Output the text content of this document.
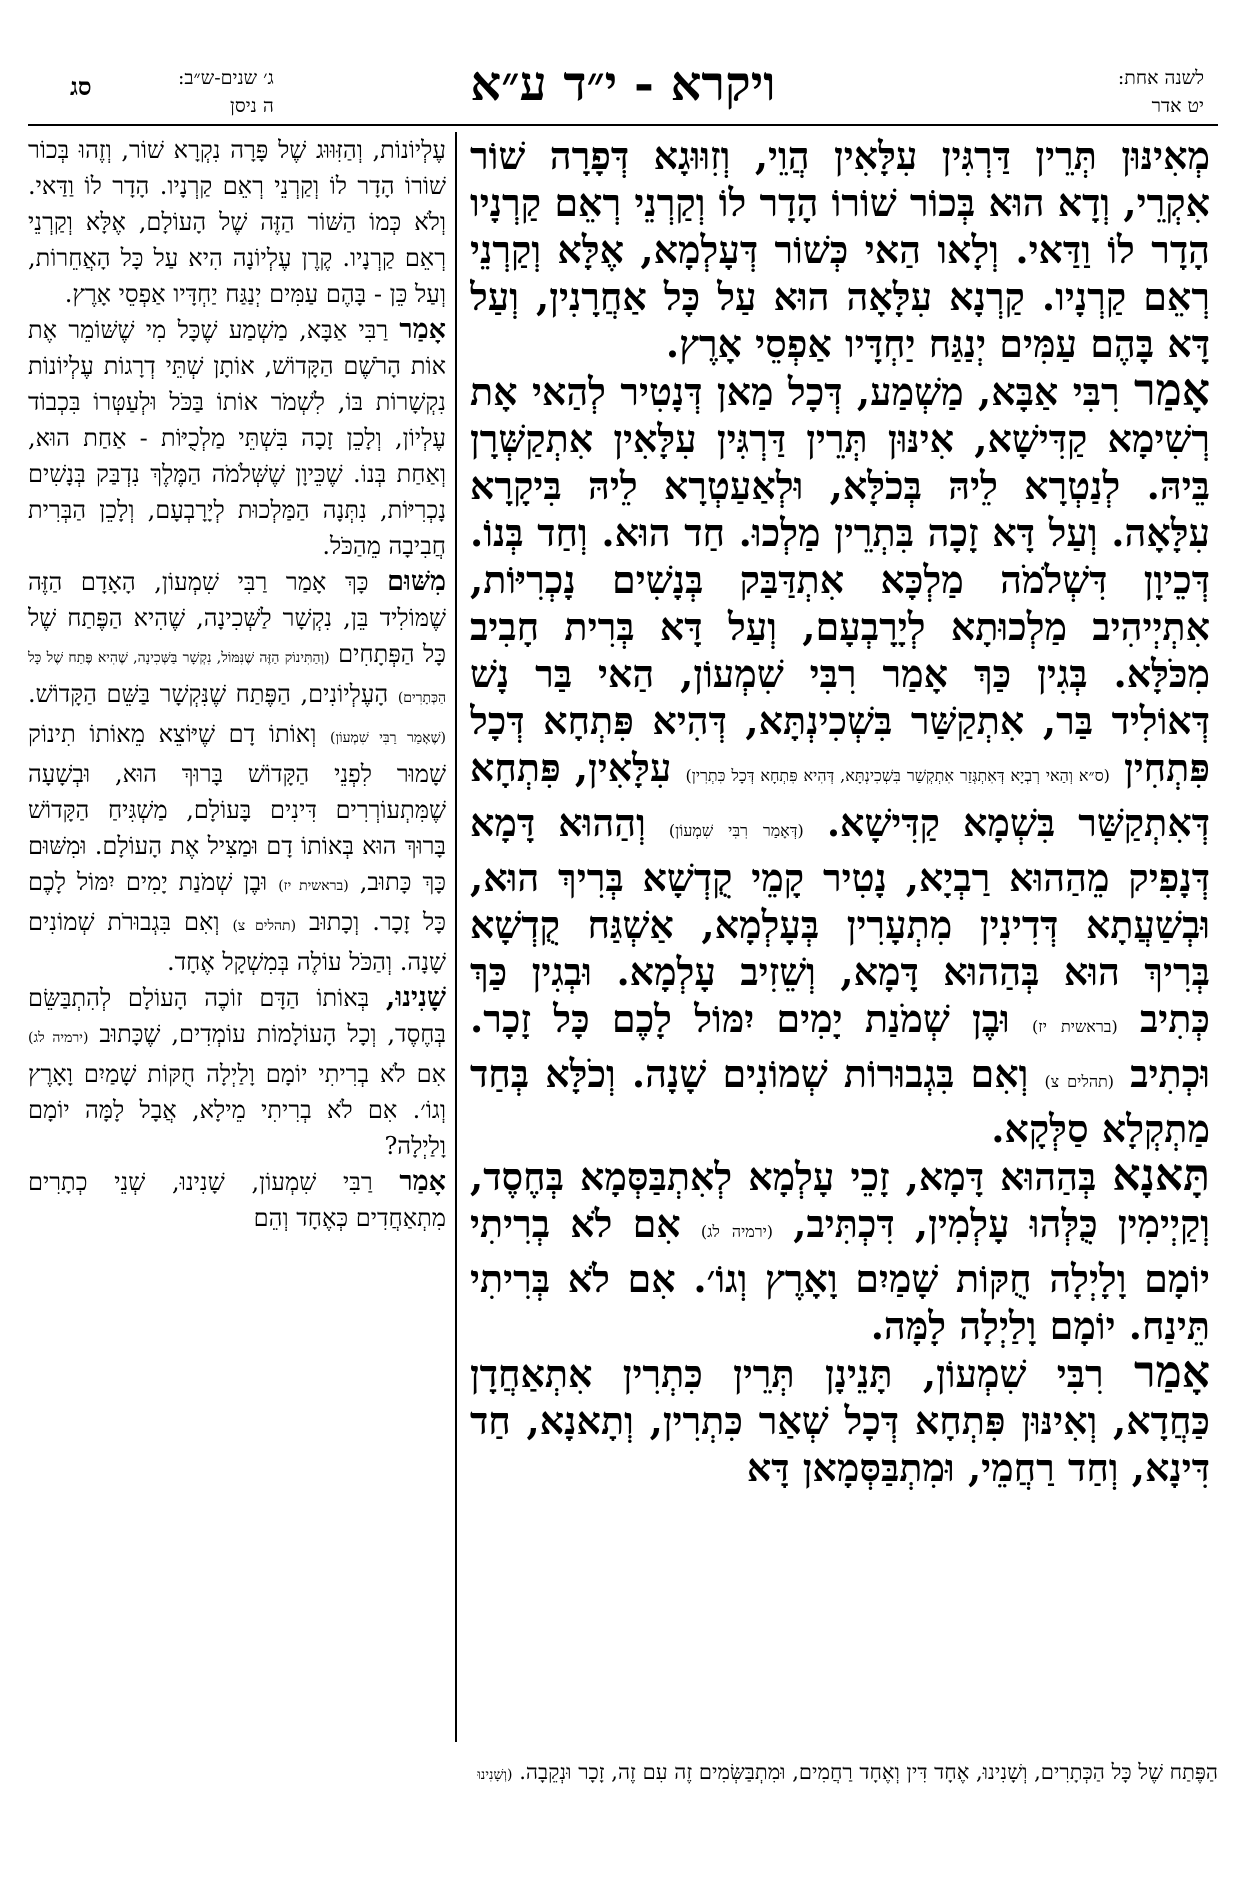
לשנה אחת:
יט אדר
ויקרא - י״ד ע״א
ג׳ שנים-ש״ב:
ה ניסן
סג

מְאִינּוּן תְּרֵין דַּרְגִּין עִלָּאִין הֲוֵי, וְזִוּוּגָא דְּפָרָה שׁוֹר אִקְרֵי, וְדָא הוּא בְּכוֹר שׁוֹרוֹ הָדָר לוֹ וְקַרְנֵי רְאֵם קַרְנָיו הָדָר לוֹ וַדַּאי. וְלָאו הַאי כְּשׁוֹר דְּעָלְמָא, אֶלָּא וְקַרְנֵי רְאֵם קַרְנָיו. קַרְנָא עִלָּאָה הוּא עַל כָּל אַחֲרָנִין, וְעַל דָּא בָּהֶם עַמִּים יְנַגַּח יַחְדָּיו אַפְסֵי אָרֶץ.

אָמַר רִבִּי אַבָּא, מַשְׁמַע, דְּכָל מַאן דְּנָטִיר לְהַאי אָת רְשִׁימָא קַדִּישָׁא, אִינּוּן תְּרֵין דַּרְגִּין עִלָּאִין אִתְקַשְּׁרָן בֵּיהּ. לְנַטְרָא לֵיהּ בְּכֹלָּא, וּלְאַעַטְרָא לֵיהּ בִּיקָרָא עִלָּאָה. וְעַל דָּא זָכָה בִּתְרֵין מַלְכוּ. חַד הוּא. וְחַד בְּנוֹ. דְּכֵיוָן דִּשְׁלֹמֹה מַלְכָּא אִתְדַּבַּק בְּנָשִׁים נָכְרִיּוֹת, אִתְיְיהִיב מַלְכוּתָא לְיָרָבְעָם, וְעַל דָּא בְּרִית חָבִיב מִכֹּלָּא. בְּגִין כַּךְ אָמַר רִבִּי שִׁמְעוֹן, הַאי בַּר נָשׁ דְּאוֹלִיד בַּר, אִתְקַשַּׁר בִּשְׁכִינְתָּא, דְּהִיא פִּתְחָא דְּכָל פִּתְחִין (ס״א וְהַאי רְבְיָא דְּאִתְגְּזַר אִתְקְשַׁר בִּשְׁכִינְתָּא, דְּהִיא פִּתְחָא דְּכָל כִּתְרִין) עִלָּאִין, פִּתְחָא דְּאִתְקַשַּׁר בִּשְׁמָא קַדִּישָׁא. (דְּאָמַר רִבִּי שִׁמְעוֹן) וְהַהוּא דָּמָא דְּנָפִיק מֵהַהוּא רַבְיָא, נָטִיר קָמֵי קֻדְשָׁא בְּרִיךְ הוּא, וּבְשַׁעֲתָא דְּדִינִין מִתְעָרִין בְּעָלְמָא, אַשְׁגַּח קֻדְשָׁא בְּרִיךְ הוּא בְּהַהוּא דָּמָא, וְשֵׁזִיב עָלְמָא. וּבְגִין כַּךְ כְּתִיב (בראשית יז) וּבֶן שְׁמֹנַת יָמִים יִמּוֹל לָכֶם כָּל זָכָר. וּכְתִיב (תהלים צ) וְאִם בִּגְבוּרוֹת שְׁמוֹנִים שָׁנָה. וְכֹלָּא בְּחַד מַתְקְלָא סַלְּקָא.

תָּאנָא בְּהַהוּא דָּמָא, זָכֵי עָלְמָא לְאִתְבַּסְּמָא בְּחֶסֶד, וְקַיְימִין כֻּלְּהוּ עָלְמִין, דִּכְתִּיב, (ירמיה לג) אִם לֹא בְרִיתִי יוֹמָם וָלָיְלָה חֻקּוֹת שָׁמַיִם וָאָרֶץ וְגוֹ׳. אִם לֹא בְּרִיתִי תֵּינַח. יוֹמָם וָלַיְלָה לָמָּה.

אָמַר רִבִּי שִׁמְעוֹן, תָּנֵינָן תְּרֵין כִּתְרִין אִתְאַחֲדָן כַּחֲדָא, וְאִינּוּן פִּתְחָא דְּכָל שְׁאַר כִּתְרִין, וְתָאנָא, חַד דִּינָא, וְחַד רַחֲמֵי, וּמִתְבַּסְּמָאן דָּא

עֶלְיוֹנוֹת, וְהַזִּוּוּג שֶׁל פָּרָה נִקְרָא שׁוֹר, וְזֶהוּ בְּכוֹר שׁוֹרוֹ הָדָר לוֹ וְקַרְנֵי רְאֵם קַרְנָיו. הָדָר לוֹ וַדַּאי. וְלֹא כְּמוֹ הַשּׁוֹר הַזֶּה שֶׁל הָעוֹלָם, אֶלָּא וְקַרְנֵי רְאֵם קַרְנָיו. קֶרֶן עֶלְיוֹנָה הִיא עַל כָּל הָאֲחֵרוֹת, וְעַל כֵּן - בָּהֶם עַמִּים יְנַגַּח יַחְדָּיו אַפְסֵי אָרֶץ.

אָמַר רַבִּי אַבָּא, מַשְׁמַע שֶׁכָּל מִי שֶׁשּׁוֹמֵר אֶת אוֹת הָרֹשֶׁם הַקָּדוֹשׁ, אוֹתָן שְׁתֵּי דְרָגוֹת עֶלְיוֹנוֹת נִקְשָׁרוֹת בּוֹ, לִשְׁמֹר אוֹתוֹ בַּכֹּל וּלְעַטְּרוֹ בִּכְבוֹד עֶלְיוֹן, וְלָכֵן זָכָה בִּשְׁתֵּי מַלְכֻיּוֹת - אַחַת הוּא, וְאַחַת בְּנוֹ. שֶׁכֵּיוָן שֶׁשְּׁלֹמֹה הַמֶּלֶךְ נִדְבַּק בְּנָשִׁים נָכְרִיּוֹת, נִתְּנָה הַמַּלְכוּת לְיָרָבְעָם, וְלָכֵן הַבְּרִית חֲבִיבָה מֵהַכֹּל.

מִשּׁוּם כָּךְ אָמַר רַבִּי שִׁמְעוֹן, הָאָדָם הַזֶּה שֶׁמּוֹלִיד בֵּן, נִקְשָׁר לַשְּׁכִינָה, שֶׁהִיא הַפֶּתַח שֶׁל כָּל הַפְּתָחִים (וְהַתִּינוֹק הַזֶּה שֶׁנִּמּוֹל, נִקְשָׁר בַּשְּׁכִינָה, שֶׁהִיא פֶּתַח שֶׁל כָּל הַכְּתָרִים) הָעֶלְיוֹנִים, הַפֶּתַח שֶׁנִּקְשָׁר בַּשֵּׁם הַקָּדוֹשׁ. (שֶׁאָמַר רַבִּי שִׁמְעוֹן) וְאוֹתוֹ דָם שֶׁיּוֹצֵא מֵאוֹתוֹ תִינוֹק שָׁמוּר לִפְנֵי הַקָּדוֹשׁ בָּרוּךְ הוּא, וּבְשָׁעָה שֶׁמִּתְעוֹרְרִים דִּינִים בָּעוֹלָם, מַשְׁגִּיחַ הַקָּדוֹשׁ בָּרוּךְ הוּא בְּאוֹתוֹ דָם וּמַצִּיל אֶת הָעוֹלָם. וּמִשּׁוּם כָּךְ כָּתוּב, (בראשית יז) וּבֶן שְׁמֹנַת יָמִים יִמּוֹל לָכֶם כָּל זָכָר. וְכָתוּב (תהלים צ) וְאִם בִּגְבוּרֹת שְׁמוֹנִים שָׁנָה. וְהַכֹּל עוֹלֶה בְּמִשְׁקָל אֶחָד.

שָׁנִינוּ, בְּאוֹתוֹ הַדָּם זוֹכֶה הָעוֹלָם לְהִתְבַּשֵּׂם בְּחֶסֶד, וְכָל הָעוֹלָמוֹת עוֹמְדִים, שֶׁכָּתוּב (ירמיה לג) אִם לֹא בְרִיתִי יוֹמָם וָלַיְלָה חֻקּוֹת שָׁמַיִם וָאָרֶץ וְגוֹ׳. אִם לֹא בְרִיתִי מֵילָא, אֲבָל לָמָּה יוֹמָם וָלַיְלָה?

אָמַר רַבִּי שִׁמְעוֹן, שָׁנִינוּ, שְׁנֵי כְתָרִים מִתְאַחֲדִים כְּאֶחָד וְהֵם

הַפֶּתַח שֶׁל כָּל הַכְּתָרִים, וְשָׁנִינוּ, אֶחָד דִּין וְאֶחָד רַחֲמִים, וּמִתְבַּשְּׂמִים זֶה עִם זֶה, זָכָר וּנְקֵבָה. (וְשָׁנִינוּ
